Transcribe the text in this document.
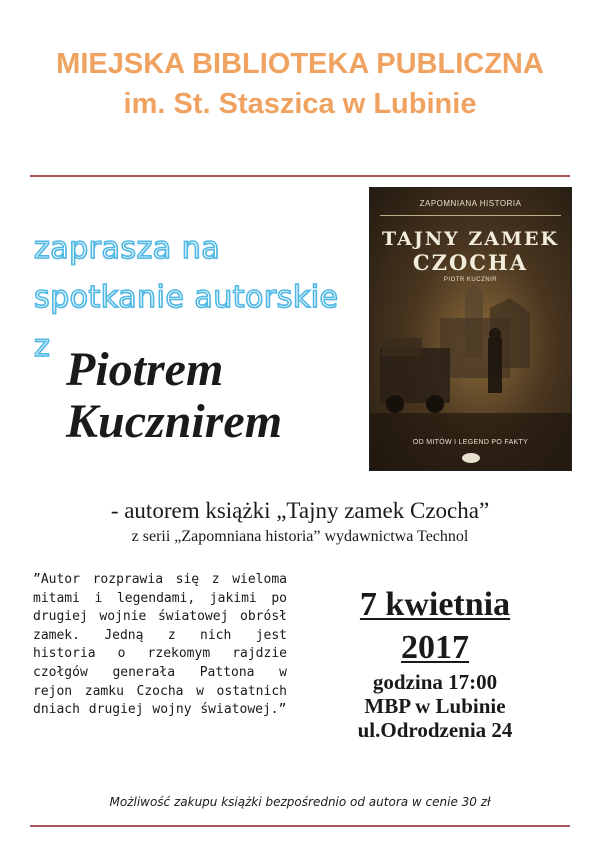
MIEJSKA BIBLIOTEKA PUBLICZNA
im. St. Staszica w Lubinie
zaprasza na
spotkanie autorskie
z Piotrem
Kucznirem
ZAPOMNIANA HISTORIA
TAJNY ZAMEK
CZOCHA
PIOTR KUCZNIR
OD MITÓW I LEGEND PO FAKTY
- autorem książki „Tajny zamek Czocha”
z serii „Zapomniana historia” wydawnictwa Technol
”Autor rozprawia się z wieloma mitami i legendami, jakimi po drugiej wojnie światowej obrósł zamek. Jedną z nich jest historia o rzekomym rajdzie czołgów generała Pattona w rejon zamku Czocha w ostatnich dniach drugiej wojny światowej.”
7 kwietnia
2017
godzina 17:00
MBP w Lubinie
ul.Odrodzenia 24
Możliwość zakupu książki bezpośrednio od autora w cenie 30 zł
